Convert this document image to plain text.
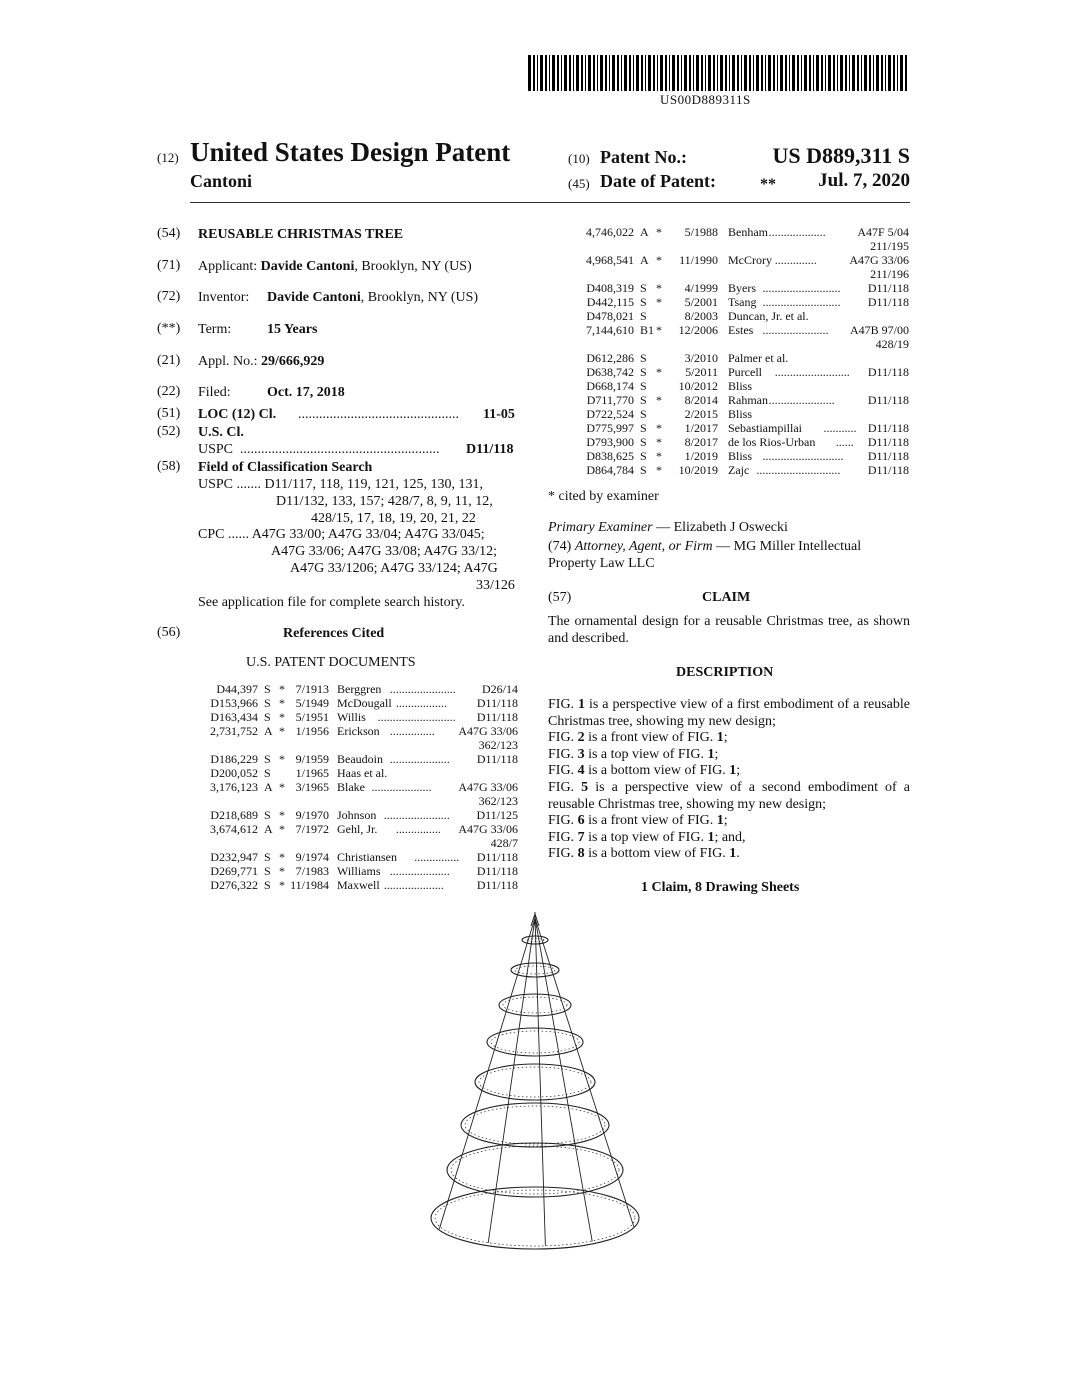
US00D889311S
(12) United States Design Patent
Cantoni
(10) Patent No.:	US D889,311 S
(45) Date of Patent:	** Jul. 7, 2020
(54) REUSABLE CHRISTMAS TREE
(71) Applicant: Davide Cantoni, Brooklyn, NY (US)
(72) Inventor: Davide Cantoni, Brooklyn, NY (US)
(**) Term:	15 Years
(21) Appl. No.: 29/666,929
(22) Filed:	Oct. 17, 2018
(51) LOC (12) Cl. .............................................. 11-05
(52) U.S. Cl.
USPC ......................................................... D11/118
(58) Field of Classification Search
USPC ....... D11/117, 118, 119, 121, 125, 130, 131,
D11/132, 133, 157; 428/7, 8, 9, 11, 12,
428/15, 17, 18, 19, 20, 21, 22
CPC ...... A47G 33/00; A47G 33/04; A47G 33/045;
A47G 33/06; A47G 33/08; A47G 33/12;
A47G 33/1206; A47G 33/124; A47G
33/126
See application file for complete search history.
(56)	References Cited
U.S. PATENT DOCUMENTS
D44,397 S * 7/1913 Berggren ...................... D26/14
D153,966 S * 5/1949 McDougall .................	D11/118
D163,434 S * 5/1951 Willis .......................... D11/118
2,731,752 A * 1/1956 Erickson ............... A47G 33/06
362/123
D186,229 S * 9/1959 Beaudoin .................... D11/118
D200,052 S 1/1965 Haas et al.
3,176,123 A * 3/1965 Blake .................... A47G 33/06
362/123
D218,689 S * 9/1970 Johnson ...................... D11/125
3,674,612 A * 7/1972 Gehl, Jr. ............... A47G 33/06
428/7
D232,947 S * 9/1974 Christiansen ............... D11/118
D269,771 S * 7/1983 Williams .................... D11/118
D276,322 S * 11/1984 Maxwell ....................	D11/118
4,746,022 A * 5/1988 Benham ...................	A47F 5/04
211/195
4,968,541 A * 11/1990 McCrory ..............	A47G 33/06
211/196
D408,319 S * 4/1999 Byers .......................... D11/118
D442,115 S * 5/2001 Tsang .......................... D11/118
D478,021 S	8/2003 Duncan, Jr. et al.
7,144,610 B1 * 12/2006 Estes ...................... A47B 97/00
428/19
D612,286 S	3/2010 Palmer et al.
D638,742 S * 5/2011 Purcell ......................... D11/118
D668,174 S	10/2012 Bliss
D711,770 S * 8/2014 Rahman ......................	D11/118
D722,524 S	2/2015 Bliss
D775,997 S * 1/2017 Sebastiampillai ........... D11/118
D793,900 S * 8/2017 de los Rios-Urban ...... D11/118
D838,625 S * 1/2019 Bliss ........................... D11/118
D864,784 S * 10/2019 Zajc ............................ D11/118
* cited by examiner
Primary Examiner — Elizabeth J Oswecki
(74) Attorney, Agent, or Firm — MG Miller Intellectual
Property Law LLC
(57)	CLAIM
The ornamental design for a reusable Christmas tree, as shown and described.
DESCRIPTION
FIG. 1 is a perspective view of a first embodiment of a reusable Christmas tree, showing my new design;
FIG. 2 is a front view of FIG. 1;
FIG. 3 is a top view of FIG. 1;
FIG. 4 is a bottom view of FIG. 1;
FIG. 5 is a perspective view of a second embodiment of a reusable Christmas tree, showing my new design;
FIG. 6 is a front view of FIG. 1;
FIG. 7 is a top view of FIG. 1; and,
FIG. 8 is a bottom view of FIG. 1.
1 Claim, 8 Drawing Sheets
